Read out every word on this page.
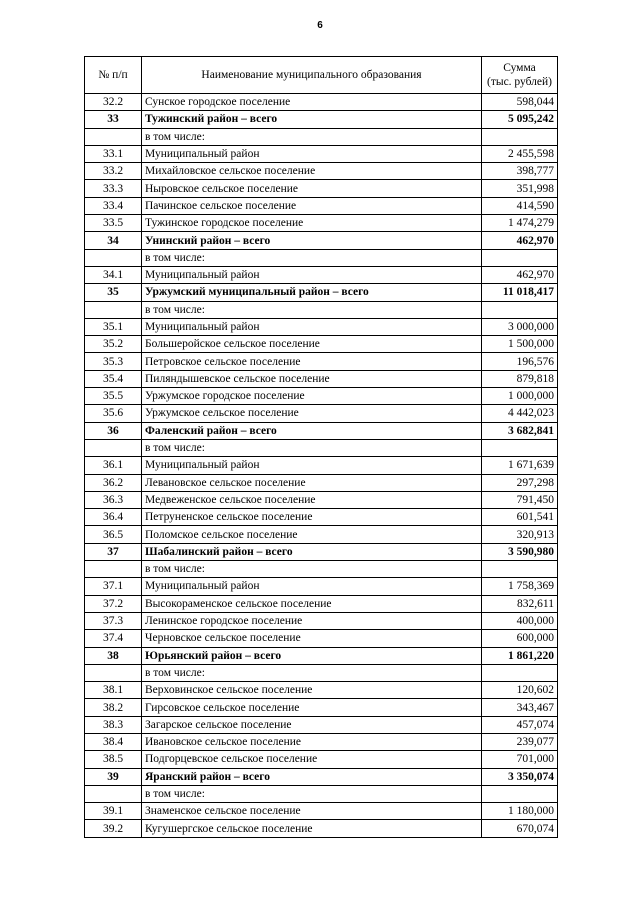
6
№ п/п	Наименование муниципального образования	Сумма
(тыс. рублей)

32.2	Сунское городское поселение	598,044
33	Тужинский район – всего	5 095,242
	в том числе:	
33.1	Муниципальный район	2 455,598
33.2	Михайловское сельское поселение	398,777
33.3	Ныровское сельское поселение	351,998
33.4	Пачинское сельское поселение	414,590
33.5	Тужинское городское поселение	1 474,279
34	Унинский район – всего	462,970
	в том числе:	
34.1	Муниципальный район	462,970
35	Уржумский муниципальный район – всего	11 018,417
	в том числе:	
35.1	Муниципальный район	3 000,000
35.2	Большеройское сельское поселение	1 500,000
35.3	Петровское сельское поселение	196,576
35.4	Пиляндышевское сельское поселение	879,818
35.5	Уржумское городское поселение	1 000,000
35.6	Уржумское сельское поселение	4 442,023
36	Фаленский район – всего	3 682,841
	в том числе:	
36.1	Муниципальный район	1 671,639
36.2	Левановское сельское поселение	297,298
36.3	Медвеженское сельское поселение	791,450
36.4	Петруненское сельское поселение	601,541
36.5	Поломское сельское поселение	320,913
37	Шабалинский район – всего	3 590,980
	в том числе:	
37.1	Муниципальный район	1 758,369
37.2	Высокораменское сельское поселение	832,611
37.3	Ленинское городское поселение	400,000
37.4	Черновское сельское поселение	600,000
38	Юрьянский район – всего	1 861,220
	в том числе:	
38.1	Верховинское сельское поселение	120,602
38.2	Гирсовское сельское поселение	343,467
38.3	Загарское сельское поселение	457,074
38.4	Ивановское сельское поселение	239,077
38.5	Подгорцевское сельское поселение	701,000
39	Яранский район – всего	3 350,074
	в том числе:	
39.1	Знаменское сельское поселение	1 180,000
39.2	Кугушергское сельское поселение	670,074
